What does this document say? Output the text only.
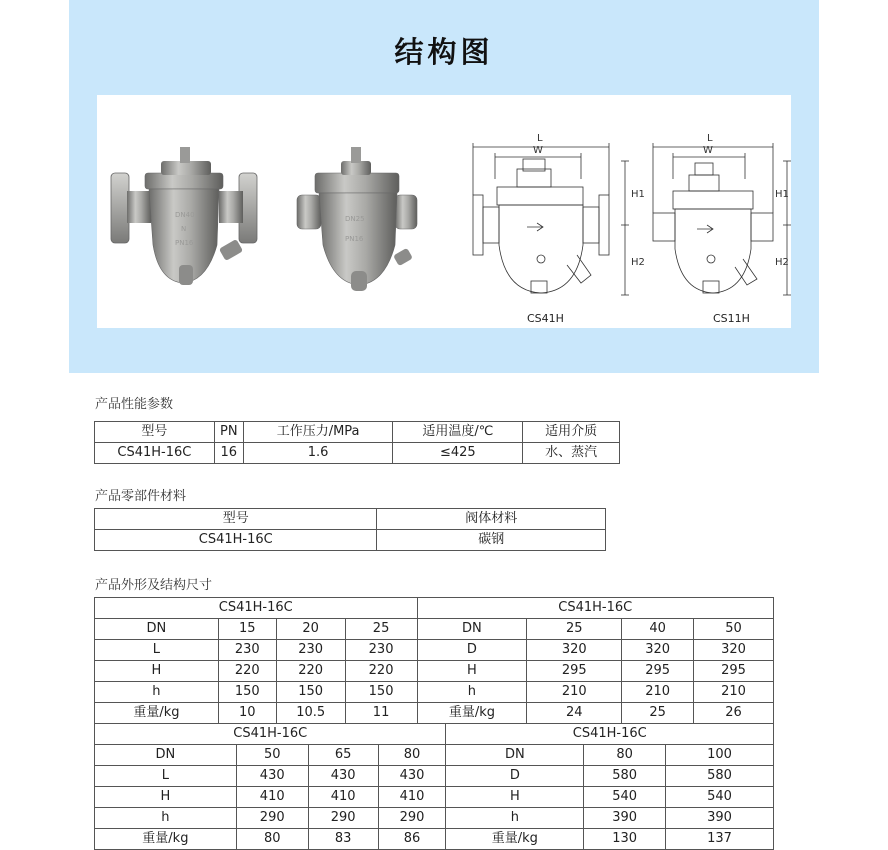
结构图
DN40
N
PN16
DN25
PN16
L
W
H1
H2
CS41H
L
W
H1
H2
CS11H
产品性能参数
型号	PN	工作压力/MPa	适用温度/℃	适用介质
CS41H-16C	16	1.6	≤425	水、蒸汽
产品零部件材料
型号	阀体材料
CS41H-16C	碳钢
产品外形及结构尺寸
CS41H-16C				CS41H-16C			
DN	15	20	25	DN	25	40	50
L	230	230	230	D	320	320	320
H	220	220	220	H	295	295	295
h	150	150	150	h	210	210	210
重量/kg	10	10.5	11	重量/kg	24	25	26
CS41H-16C				CS41H-16C		
DN	50	65	80	DN	80	100
L	430	430	430	D	580	580
H	410	410	410	H	540	540
h	290	290	290	h	390	390
重量/kg	80	83	86	重量/kg	130	137
